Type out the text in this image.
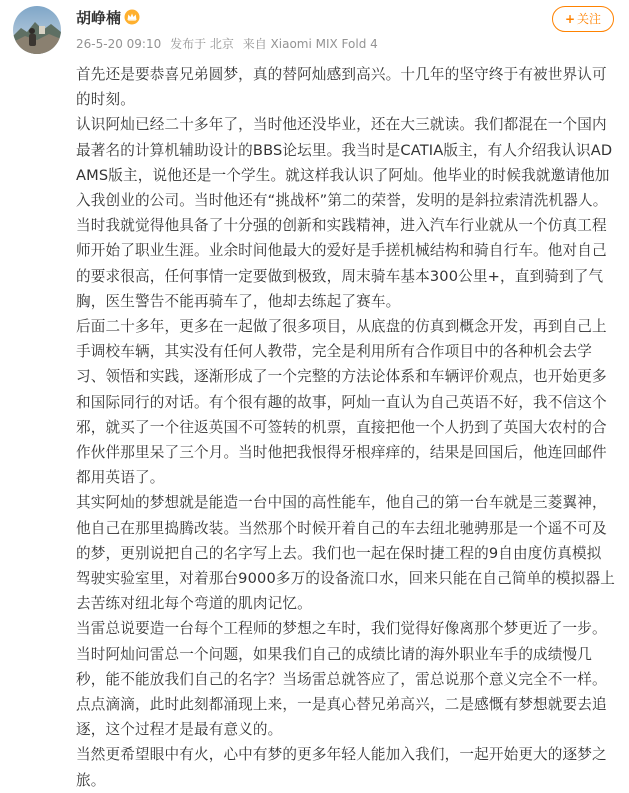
胡峥楠
26-5-20 09:10 发布于 北京 来自 Xiaomi MIX Fold 4
+ 关注

首先还是要恭喜兄弟圆梦，真的替阿灿感到高兴。十几年的坚守终于有被世界认可的时刻。

认识阿灿已经二十多年了，当时他还没毕业，还在大三就读。我们都混在一个国内最著名的计算机辅助设计的BBS论坛里。我当时是CATIA版主，有人介绍我认识ADAMS版主，说他还是一个学生。就这样我认识了阿灿。他毕业的时候我就邀请他加入我创业的公司。当时他还有“挑战杯”第二的荣誉，发明的是斜拉索清洗机器人。

当时我就觉得他具备了十分强的创新和实践精神，进入汽车行业就从一个仿真工程师开始了职业生涯。业余时间他最大的爱好是手搓机械结构和骑自行车。他对自己的要求很高，任何事情一定要做到极致，周末骑车基本300公里+，直到骑到了气胸，医生警告不能再骑车了，他却去练起了赛车。

后面二十多年，更多在一起做了很多项目，从底盘的仿真到概念开发，再到自己上手调校车辆，其实没有任何人教带，完全是利用所有合作项目中的各种机会去学习、领悟和实践，逐渐形成了一个完整的方法论体系和车辆评价观点，也开始更多和国际同行的对话。有个很有趣的故事，阿灿一直认为自己英语不好，我不信这个邪，就买了一个往返英国不可签转的机票，直接把他一个人扔到了英国大农村的合作伙伴那里呆了三个月。当时他把我恨得牙根痒痒的，结果是回国后，他连回邮件都用英语了。

其实阿灿的梦想就是能造一台中国的高性能车，他自己的第一台车就是三菱翼神，他自己在那里捣腾改装。当然那个时候开着自己的车去纽北驰骋那是一个遥不可及的梦，更别说把自己的名字写上去。我们也一起在保时捷工程的9自由度仿真模拟驾驶实验室里，对着那台9000多万的设备流口水，回来只能在自己简单的模拟器上去苦练对纽北每个弯道的肌肉记忆。

当雷总说要造一台每个工程师的梦想之车时，我们觉得好像离那个梦更近了一步。

当时阿灿问雷总一个问题，如果我们自己的成绩比请的海外职业车手的成绩慢几秒，能不能放我们自己的名字？当场雷总就答应了，雷总说那个意义完全不一样。

点点滴滴，此时此刻都涌现上来，一是真心替兄弟高兴，二是感慨有梦想就要去追逐，这个过程才是最有意义的。

当然更希望眼中有火，心中有梦的更多年轻人能加入我们，一起开始更大的逐梦之旅。
